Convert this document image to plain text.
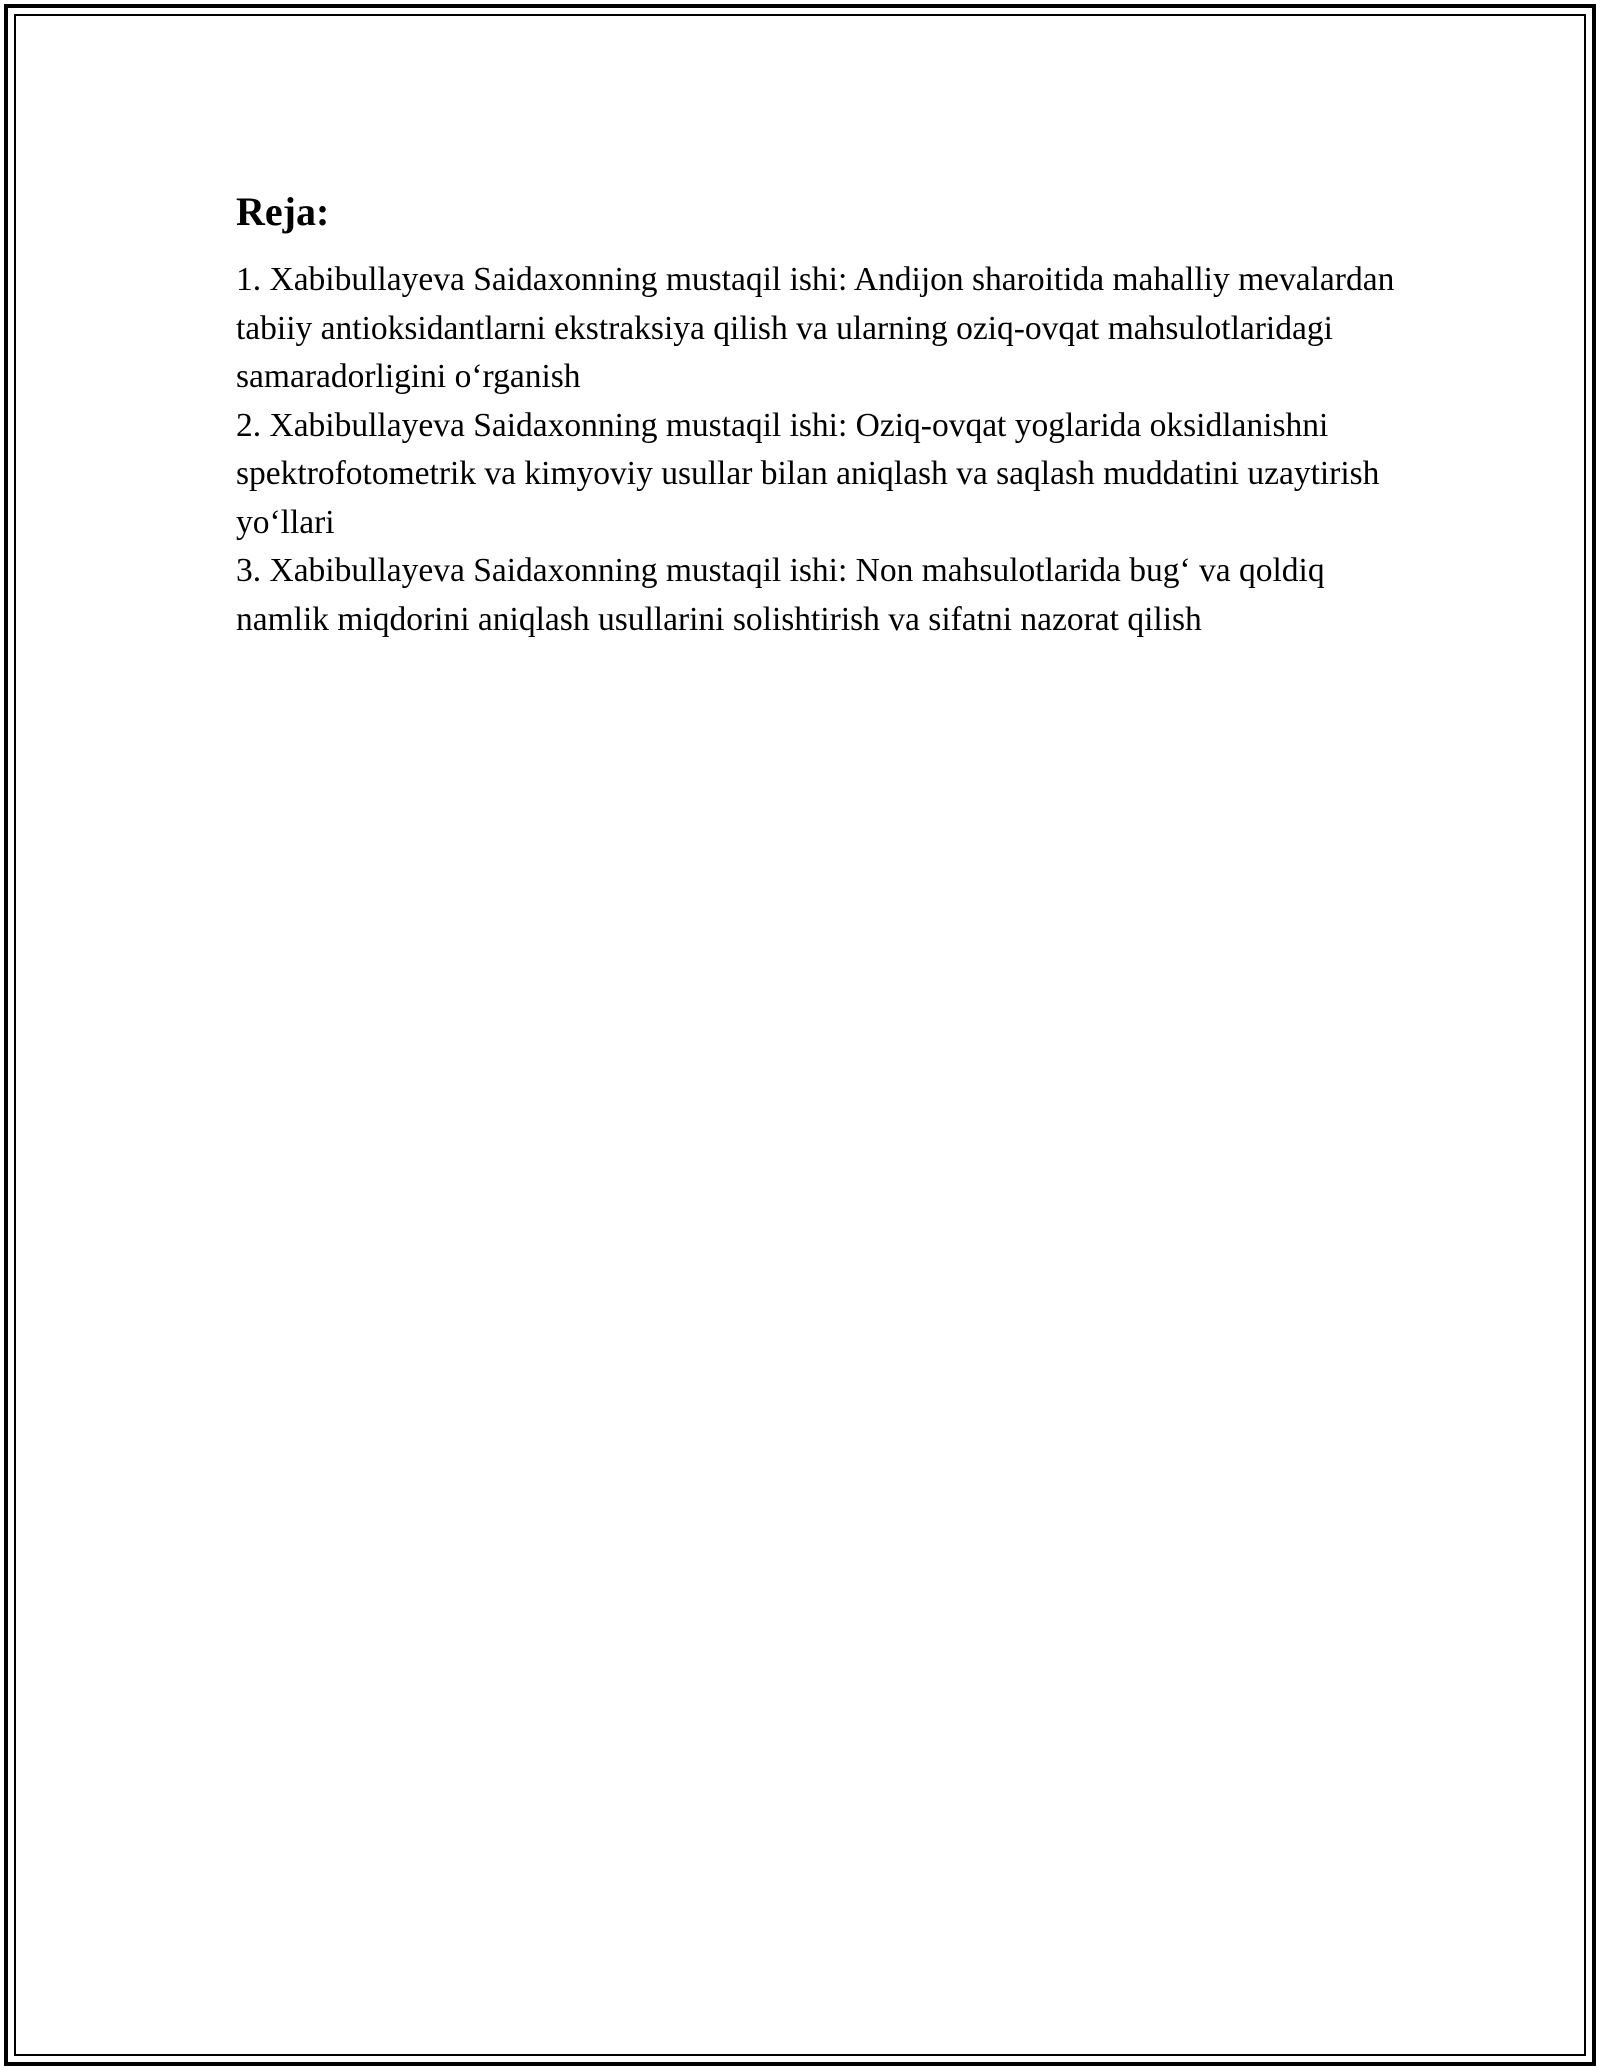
Reja:
1. Xabibullayeva Saidaxonning mustaqil ishi: Andijon sharoitida mahalliy mevalardan tabiiy antioksidantlarni ekstraksiya qilish va ularning oziq-ovqat mahsulotlaridagi samaradorligini o‘rganish
2. Xabibullayeva Saidaxonning mustaqil ishi: Oziq-ovqat yoglarida oksidlanishni spektrofotometrik va kimyoviy usullar bilan aniqlash va saqlash muddatini uzaytirish yo‘llari
3. Xabibullayeva Saidaxonning mustaqil ishi: Non mahsulotlarida bug‘ va qoldiq namlik miqdorini aniqlash usullarini solishtirish va sifatni nazorat qilish
